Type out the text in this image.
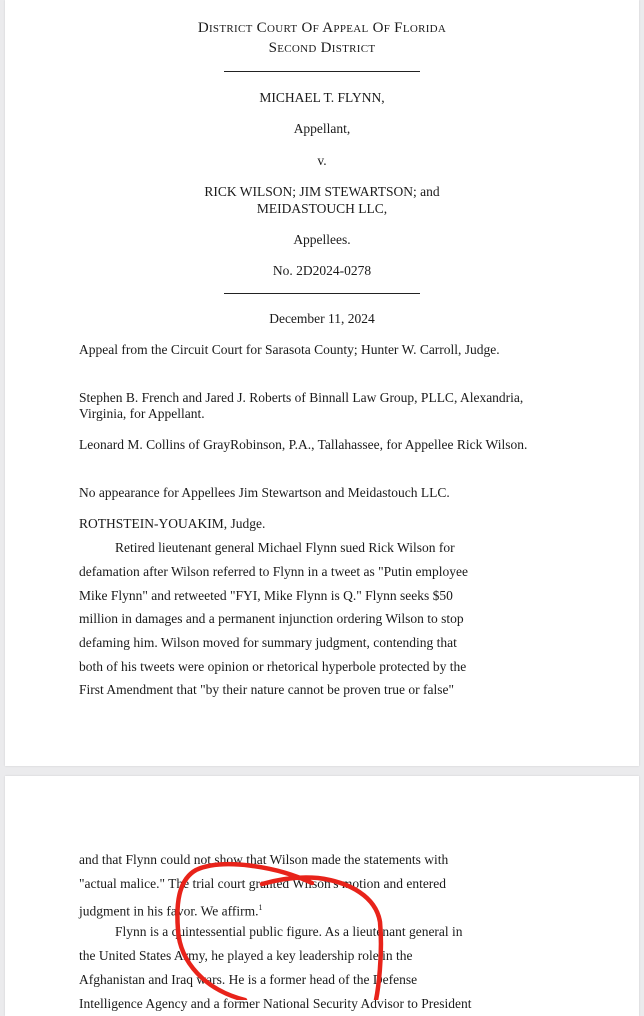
District Court Of Appeal Of Florida
Second District
MICHAEL T. FLYNN,
Appellant,
v.
RICK WILSON; JIM STEWARTSON; and
MEIDASTOUCH LLC,
Appellees.
No. 2D2024-0278
December 11, 2024
Appeal from the Circuit Court for Sarasota County; Hunter W. Carroll, Judge.
Stephen B. French and Jared J. Roberts of Binnall Law Group, PLLC, Alexandria, Virginia, for Appellant.
Leonard M. Collins of GrayRobinson, P.A., Tallahassee, for Appellee Rick Wilson.
No appearance for Appellees Jim Stewartson and Meidastouch LLC.
ROTHSTEIN-YOUAKIM, Judge.
Retired lieutenant general Michael Flynn sued Rick Wilson for
defamation after Wilson referred to Flynn in a tweet as "Putin employee
Mike Flynn" and retweeted "FYI, Mike Flynn is Q." Flynn seeks $50
million in damages and a permanent injunction ordering Wilson to stop
defaming him. Wilson moved for summary judgment, contending that
both of his tweets were opinion or rhetorical hyperbole protected by the
First Amendment that "by their nature cannot be proven true or false"
and that Flynn could not show that Wilson made the statements with
"actual malice." The trial court granted Wilson's motion and entered
judgment in his favor. We affirm.$^1$
Flynn is a quintessential public figure. As a lieutenant general in
the United States Army, he played a key leadership role in the
Afghanistan and Iraq wars. He is a former head of the Defense
Intelligence Agency and a former National Security Advisor to President
